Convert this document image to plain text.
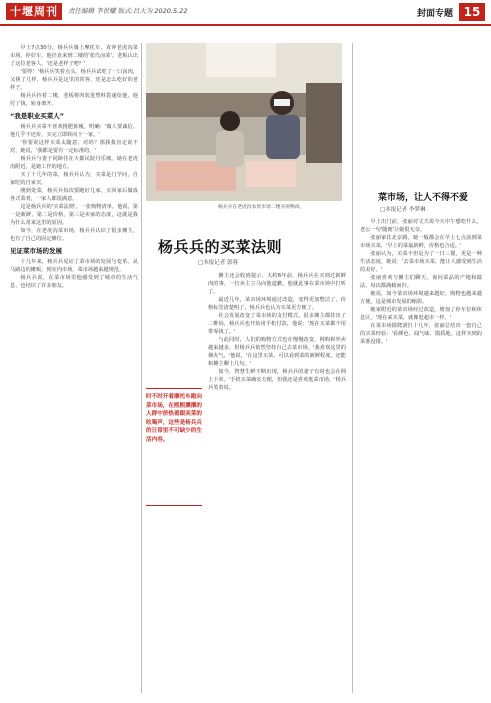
十堰周刊	责任编辑 李世耀 版式:吕大为 2020.5.22	封面专题 15

早上7点30分，杨兵兵骑上摩托车，直奔老虎沟菜市场。停好车，他径直来到二楼的'张氏卤菜'。老板认出了这位老客人，'还是老样子吧？'

'要得！'杨兵兵笑着点头。杨兵兵试吃了一口卤肉，又挑了几样。杨兵兵是这里的常客，还是怎么吃好的老样子。

杨兵兵拎着二楼，老板将肉装进塑料袋递给他，他付了钱，转身离开。

“我是职业买菜人”

杨兵兵买菜不喜欢挑肥拣瘦，明确：'做人要诚信，他几乎不还价，买完立即转向下一家。'

'你要说这样买菜太随意，对吗？那我我肯定说不对，她说，'我都是要有一定标准的。'

杨兵兵与妻子同龄住在大都民院丹乐城，她在老虎沟附近，是她工作的地方。

买了十几年的菜，杨兵兵认为，买菜是门学问，自家吃的自家买。

刚到处菜，杨兵兵每次要跑好几家，买回家后做成各式菜肴，一家人都很满意。

这是杨兵兵的'买菜法则'，一张购物清单。他说，第一是新鲜，第二是价格，第三是卖家的态度，这就是我为什么常来这里的原因。

如今，在老虎沟菜市场，杨兵兵认识了很多摊主，也有了自己的固定摊位。

见证菜市场的发展

十几年来，杨兵兵见证了菜市场的发展与变革。从马路边的摊贩，到室内市场，菜市场越来越规范。

杨兵兵说，在菜市场里他感受到了城市的生活气息，也结识了许多朋友。

杨兵兵在老虎沟农贸市场二楼买鸡鸭肉。
杨兵兵的买菜法则
□本报记者 郭蓉
时不时开着摩托车跑向菜市场，在熙熙攘攘的人群中挤热着跟卖菜的吆喝声，这些是杨兵兵的日常里不可缺少的生活内容。

摊主还会收到提示，大约6年前，杨兵兵在买到过新鲜肉的事，一位卖主立马向他道歉，他就此事在菜市场中打听了。

最近几年，菜市场环境通过改造，变得更加整洁了，价格标签清楚明了，杨兵兵也认为买菜更方便了。

社会发展改变了菜市场的支付模式，很多摊主都挂出了二维码，杨兵兵也开始用手机付款，他说：'现在买菜都不用带零钱了。'

与此同时，人们的购物方式也在慢慢改变，网购和外卖越来越多，但杨兵兵依然坚持自己去菜市场。'我喜欢这里的烟火气，'他说，'在这里买菜，可以看到菜的新鲜程度，还能和摊主聊上几句。'

如今，智慧生鲜不断出现，杨兵兵的妻子有时也会在网上下单。'手机买菜确实方便，但我还是喜欢逛菜市场，'杨兵兵笑着说。

菜市场，让人不得不爱
□本报记者 李梦琳

早上出门前，张丽对丈夫说今天中午想吃什么，老公一句'随便'让她很无奈。

张丽家住北京路，她一般都会在早上七点前到菜市场买菜，'早上的菜最新鲜，价格也合适。'

张丽认为，买菜不但是为了一日三餐，更是一种生活态度，她说：'去菜市场买菜，能让人感受到生活的美好。'

张丽喜欢与摊主们聊天，询问菜品的产地和做法，每次都满载而归。

她说，如今菜市场环境越来越好，购物也越来越方便，这是城市发展的缩影。

她家附近的菜市场经过改造，增加了停车位和休息区，'现在来买菜，就像逛超市一样。'

在菜市场摸爬滚打十几年，张丽总结出一套自己的买菜经验：'看颜色、闻气味、摸质地，这样买到的菜准没错。'
